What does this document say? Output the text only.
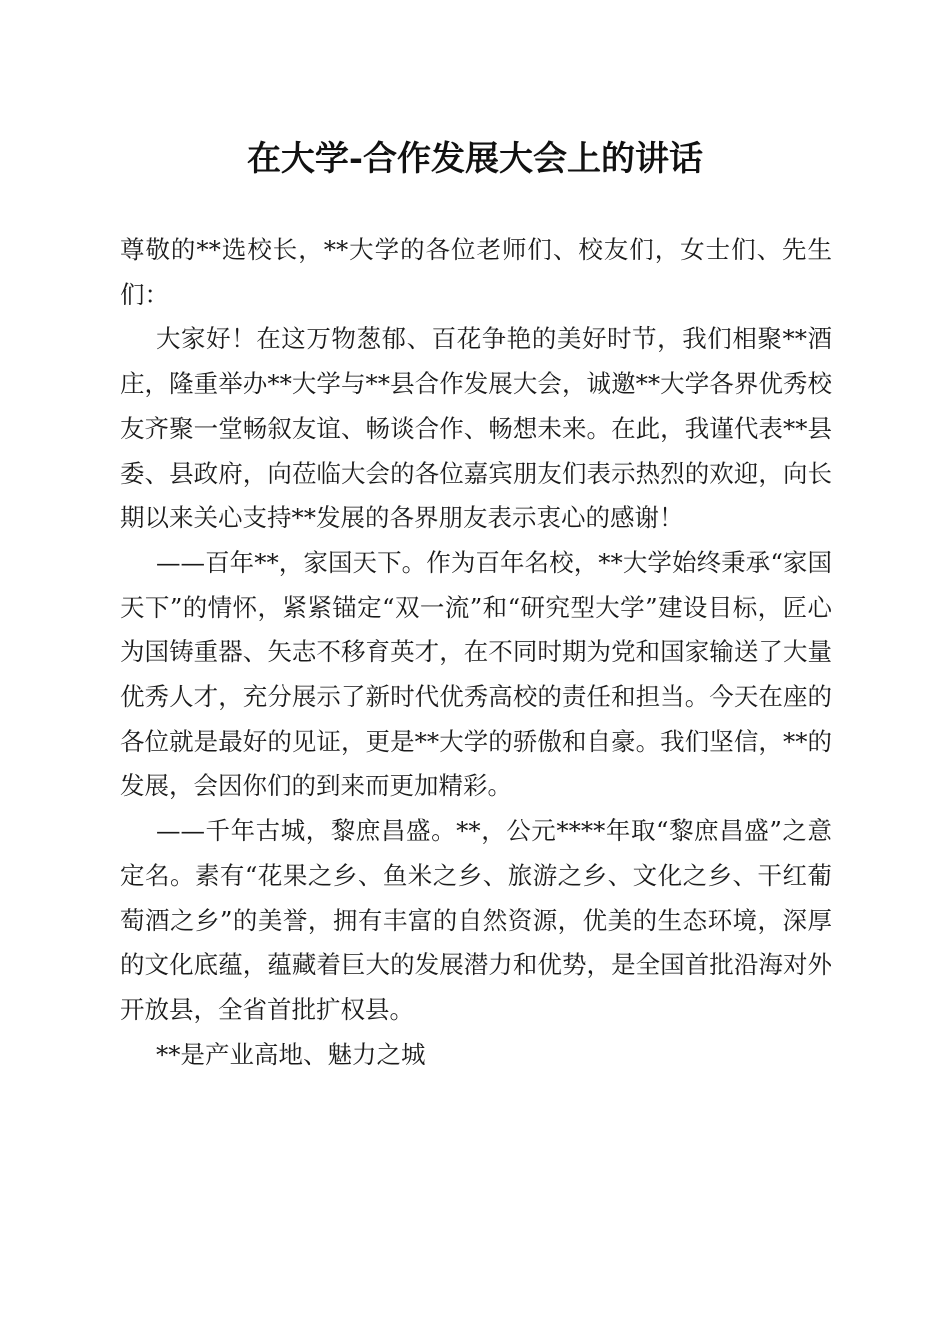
在大学-合作发展大会上的讲话

尊敬的**选校长，**大学的各位老师们、校友们，女士们、先生们：

大家好！在这万物葱郁、百花争艳的美好时节，我们相聚**酒庄，隆重举办**大学与**县合作发展大会，诚邀**大学各界优秀校友齐聚一堂畅叙友谊、畅谈合作、畅想未来。在此，我谨代表**县委、县政府，向莅临大会的各位嘉宾朋友们表示热烈的欢迎，向长期以来关心支持**发展的各界朋友表示衷心的感谢！

——百年**，家国天下。作为百年名校，**大学始终秉承“家国天下”的情怀，紧紧锚定“双一流”和“研究型大学”建设目标，匠心为国铸重器、矢志不移育英才，在不同时期为党和国家输送了大量优秀人才，充分展示了新时代优秀高校的责任和担当。今天在座的各位就是最好的见证，更是**大学的骄傲和自豪。我们坚信，**的发展，会因你们的到来而更加精彩。

——千年古城，黎庶昌盛。**，公元****年取“黎庶昌盛”之意定名。素有“花果之乡、鱼米之乡、旅游之乡、文化之乡、干红葡萄酒之乡”的美誉，拥有丰富的自然资源，优美的生态环境，深厚的文化底蕴，蕴藏着巨大的发展潜力和优势，是全国首批沿海对外开放县，全省首批扩权县。

**是产业高地、魅力之城
